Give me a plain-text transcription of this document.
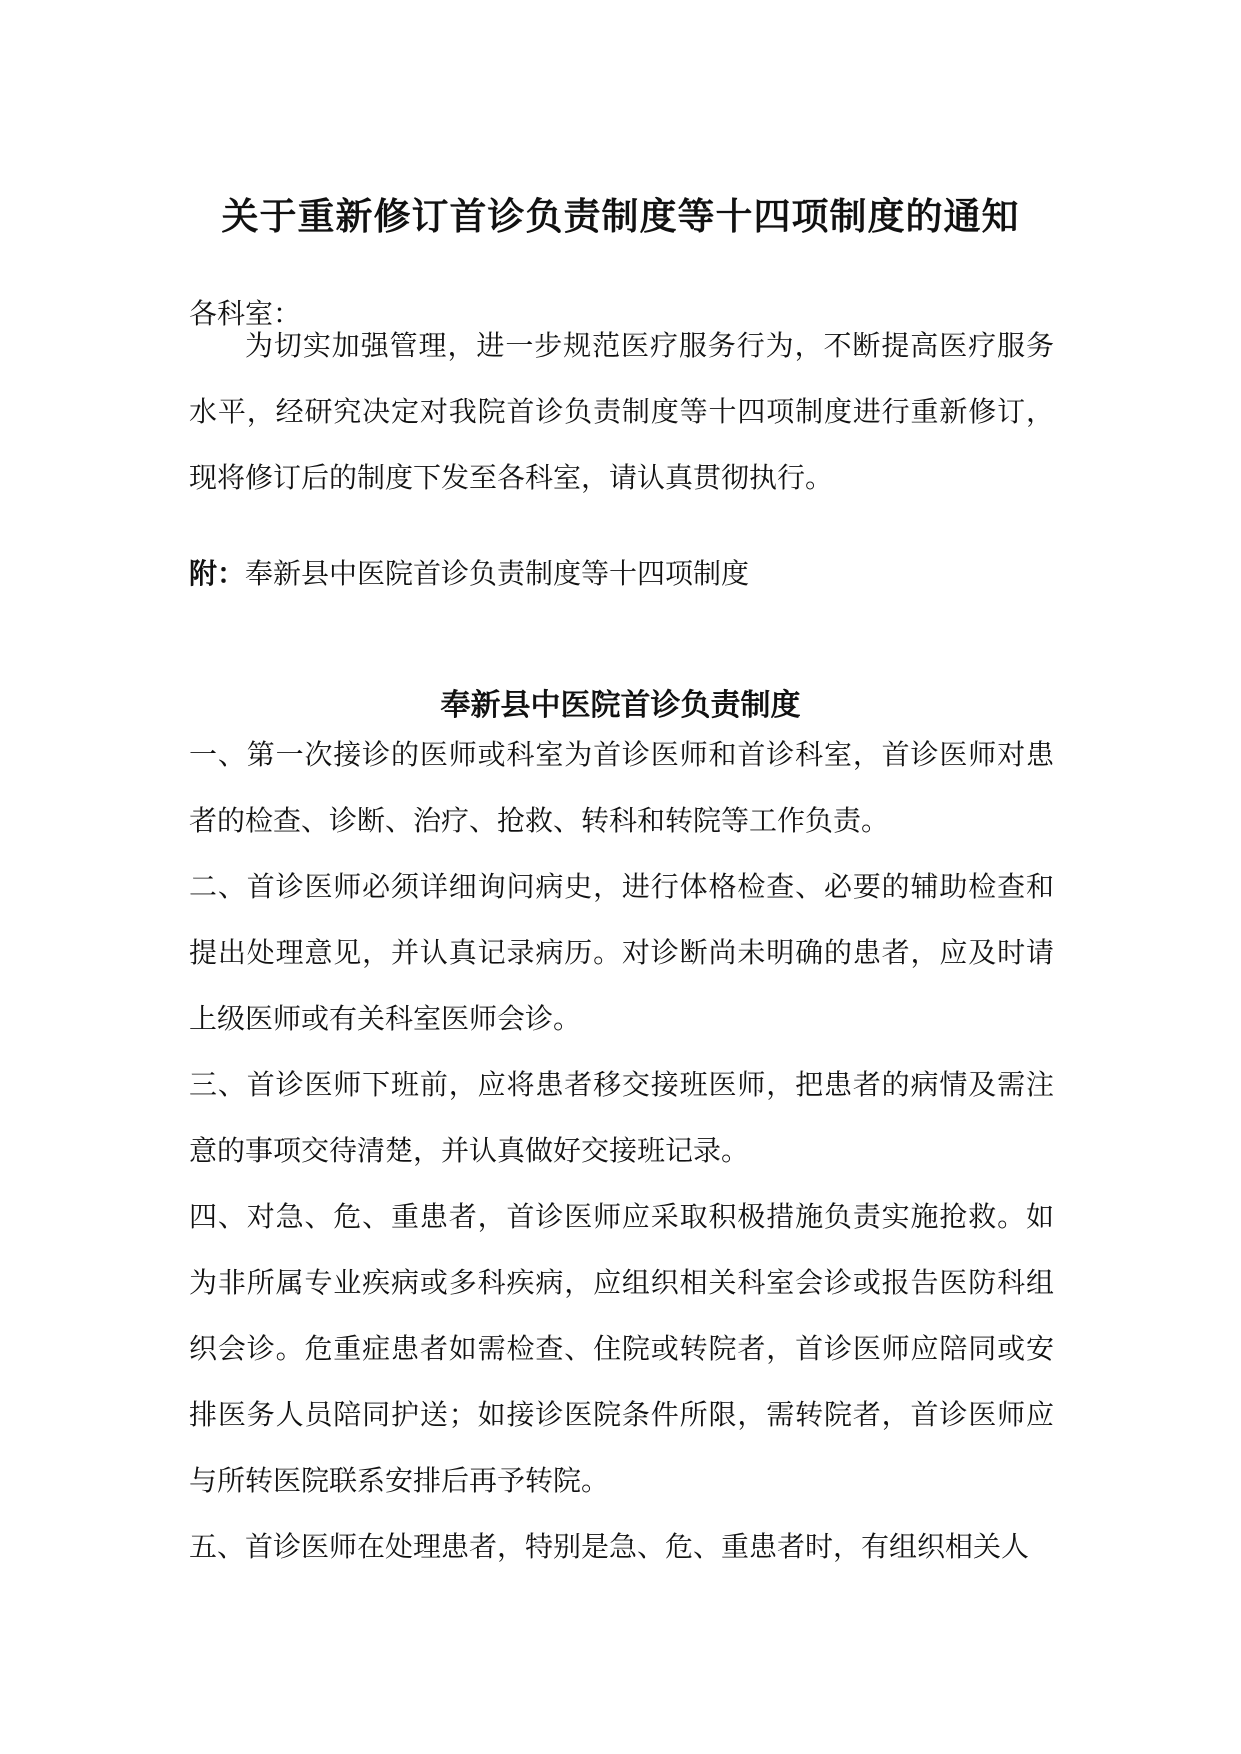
关于重新修订首诊负责制度等十四项制度的通知

各科室：

为切实加强管理，进一步规范医疗服务行为，不断提高医疗服务水平，经研究决定对我院首诊负责制度等十四项制度进行重新修订，现将修订后的制度下发至各科室，请认真贯彻执行。

附：奉新县中医院首诊负责制度等十四项制度

奉新县中医院首诊负责制度

一、第一次接诊的医师或科室为首诊医师和首诊科室，首诊医师对患者的检查、诊断、治疗、抢救、转科和转院等工作负责。

二、首诊医师必须详细询问病史，进行体格检查、必要的辅助检查和提出处理意见，并认真记录病历。对诊断尚未明确的患者，应及时请上级医师或有关科室医师会诊。

三、首诊医师下班前，应将患者移交接班医师，把患者的病情及需注意的事项交待清楚，并认真做好交接班记录。

四、对急、危、重患者，首诊医师应采取积极措施负责实施抢救。如为非所属专业疾病或多科疾病，应组织相关科室会诊或报告医防科组织会诊。危重症患者如需检查、住院或转院者，首诊医师应陪同或安排医务人员陪同护送；如接诊医院条件所限，需转院者，首诊医师应与所转医院联系安排后再予转院。

五、首诊医师在处理患者，特别是急、危、重患者时，有组织相关人
